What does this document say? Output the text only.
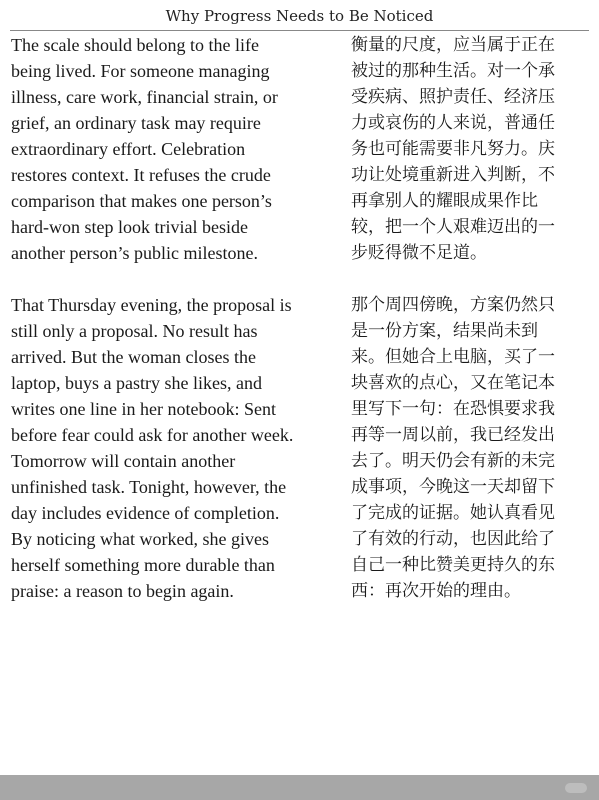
Why Progress Needs to Be Noticed

The scale should belong to the life
being lived. For someone managing
illness, care work, financial strain, or
grief, an ordinary task may require
extraordinary effort. Celebration
restores context. It refuses the crude
comparison that makes one person’s
hard-won step look trivial beside
another person’s public milestone.

That Thursday evening, the proposal is
still only a proposal. No result has
arrived. But the woman closes the
laptop, buys a pastry she likes, and
writes one line in her notebook: Sent
before fear could ask for another week.
Tomorrow will contain another
unfinished task. Tonight, however, the
day includes evidence of completion.
By noticing what worked, she gives
herself something more durable than
praise: a reason to begin again.

衡量的尺度，应当属于正在
被过的那种生活。对一个承
受疾病、照护责任、经济压
力或哀伤的人来说，普通任
务也可能需要非凡努力。庆
功让处境重新进入判断，不
再拿别人的耀眼成果作比
较，把一个人艰难迈出的一
步贬得微不足道。

那个周四傍晚，方案仍然只
是一份方案，结果尚未到
来。但她合上电脑，买了一
块喜欢的点心，又在笔记本
里写下一句：在恐惧要求我
再等一周以前，我已经发出
去了。明天仍会有新的未完
成事项，今晚这一天却留下
了完成的证据。她认真看见
了有效的行动，也因此给了
自己一种比赞美更持久的东
西：再次开始的理由。
